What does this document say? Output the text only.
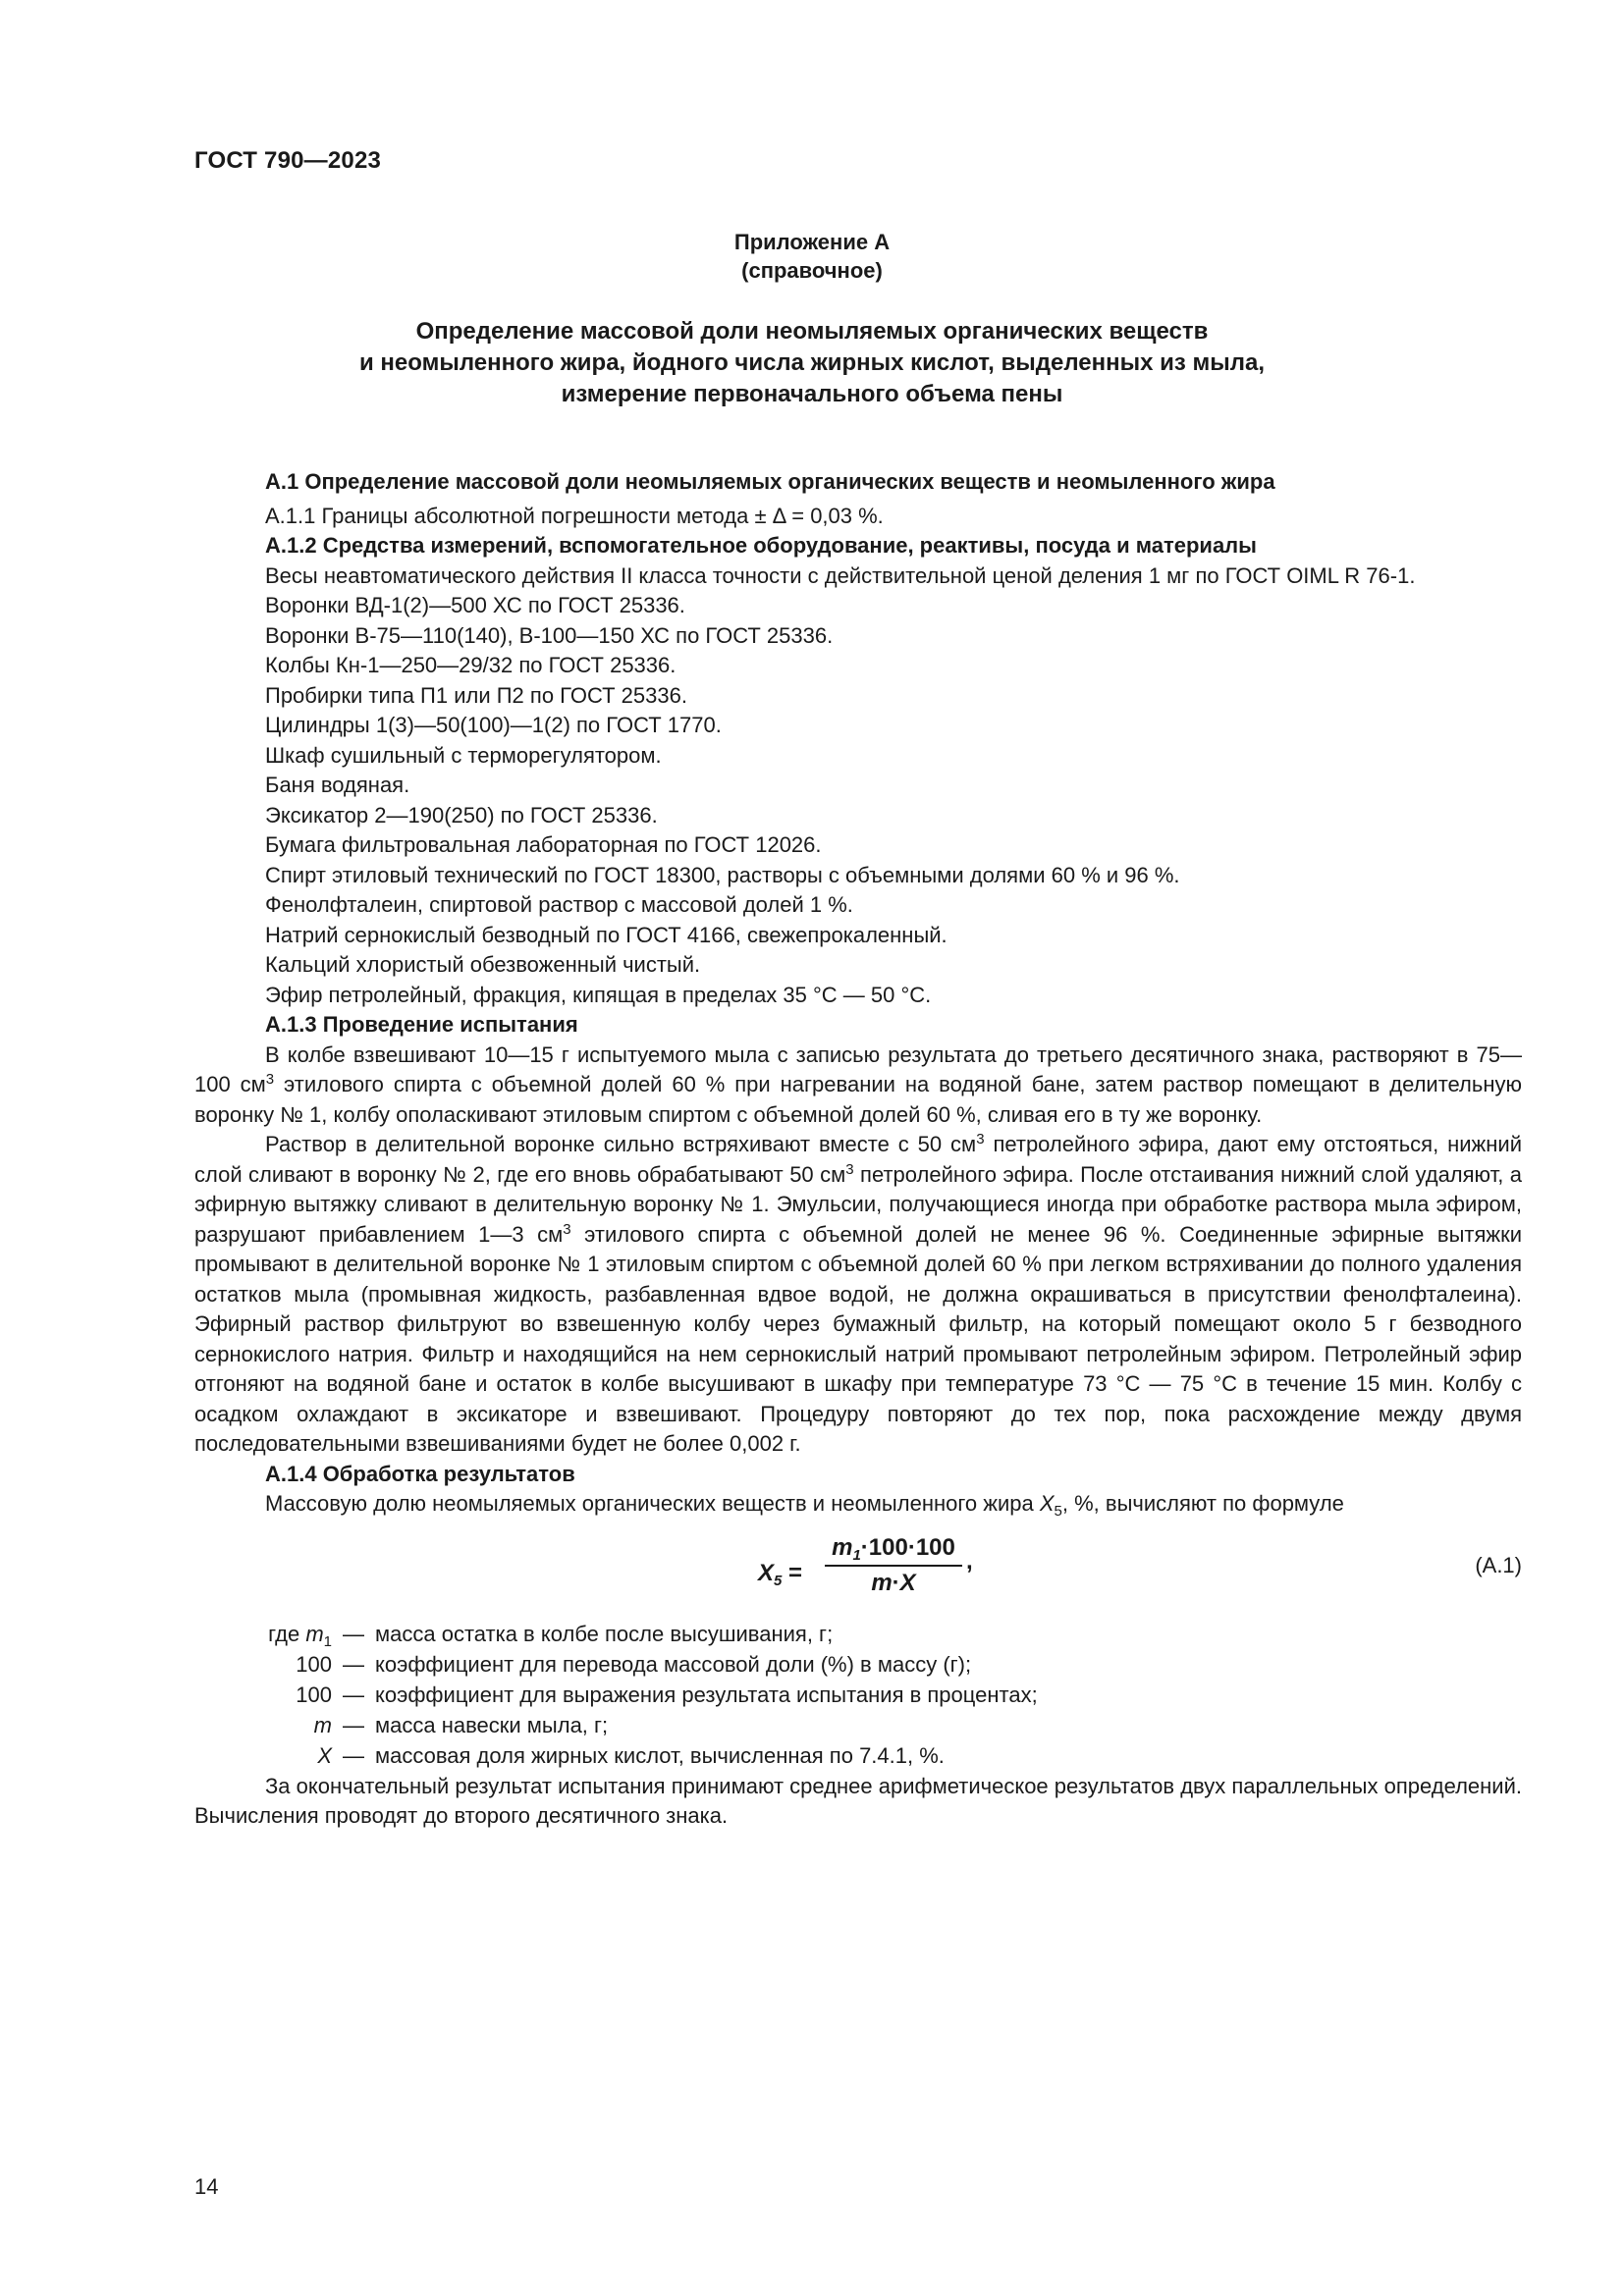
ГОСТ 790—2023
Приложение А
(справочное)
Определение массовой доли неомыляемых органических веществ
и неомыленного жира, йодного числа жирных кислот, выделенных из мыла,
измерение первоначального объема пены

А.1 Определение массовой доли неомыляемых органических веществ и неомыленного жира

А.1.1 Границы абсолютной погрешности метода ± Δ = 0,03 %.

А.1.2 Средства измерений, вспомогательное оборудование, реактивы, посуда и материалы

Весы неавтоматического действия II класса точности с действительной ценой деления 1 мг по ГОСТ OIML R 76-1.

Воронки ВД-1(2)—500 ХС по ГОСТ 25336.

Воронки В-75—110(140), В-100—150 ХС по ГОСТ 25336.

Колбы Кн-1—250—29/32 по ГОСТ 25336.

Пробирки типа П1 или П2 по ГОСТ 25336.

Цилиндры 1(3)—50(100)—1(2) по ГОСТ 1770.

Шкаф сушильный с терморегулятором.

Баня водяная.

Эксикатор 2—190(250) по ГОСТ 25336.

Бумага фильтровальная лабораторная по ГОСТ 12026.

Спирт этиловый технический по ГОСТ 18300, растворы с объемными долями 60 % и 96 %.

Фенолфталеин, спиртовой раствор с массовой долей 1 %.

Натрий сернокислый безводный по ГОСТ 4166, свежепрокаленный.

Кальций хлористый обезвоженный чистый.

Эфир петролейный, фракция, кипящая в пределах 35 °С — 50 °С.

А.1.3 Проведение испытания

В колбе взвешивают 10—15 г испытуемого мыла с записью результата до третьего десятичного знака, растворяют в 75—100 $см^3$ этилового спирта с объемной долей 60 % при нагревании на водяной бане, затем раствор помещают в делительную воронку № 1, колбу ополаскивают этиловым спиртом с объемной долей 60 %, сливая его в ту же воронку.

Раствор в делительной воронке сильно встряхивают вместе с 50 $см^3$ петролейного эфира, дают ему отстояться, нижний слой сливают в воронку № 2, где его вновь обрабатывают 50 $см^3$ петролейного эфира. После отстаивания нижний слой удаляют, а эфирную вытяжку сливают в делительную воронку № 1. Эмульсии, получающиеся иногда при обработке раствора мыла эфиром, разрушают прибавлением 1—3 $см^3$ этилового спирта с объемной долей не менее 96 %. Соединенные эфирные вытяжки промывают в делительной воронке № 1 этиловым спиртом с объемной долей 60 % при легком встряхивании до полного удаления остатков мыла (промывная жидкость, разбавленная вдвое водой, не должна окрашиваться в присутствии фенолфталеина). Эфирный раствор фильтруют во взвешенную колбу через бумажный фильтр, на который помещают около 5 г безводного сернокислого натрия. Фильтр и находящийся на нем сернокислый натрий промывают петролейным эфиром. Петролейный эфир отгоняют на водяной бане и остаток в колбе высушивают в шкафу при температуре 73 °С — 75 °С в течение 15 мин. Колбу с осадком охлаждают в эксикаторе и взвешивают. Процедуру повторяют до тех пор, пока расхождение между двумя последовательными взвешиваниями будет не более 0,002 г.

А.1.4 Обработка результатов

Массовую долю неомыляемых органических веществ и неомыленного жира $X_5$, %, вычисляют по формуле

$X_5$ =
$m_1\cdot 100\cdot 100$
m·X
,	(А.1)
где $m_1$ — масса остатка в колбе после высушивания, г;
100 — коэффициент для перевода массовой доли (%) в массу (г);
100 — коэффициент для выражения результата испытания в процентах;
m — масса навески мыла, г;
X — массовая доля жирных кислот, вычисленная по 7.4.1, %.

За окончательный результат испытания принимают среднее арифметическое результатов двух параллельных определений. Вычисления проводят до второго десятичного знака.

14
